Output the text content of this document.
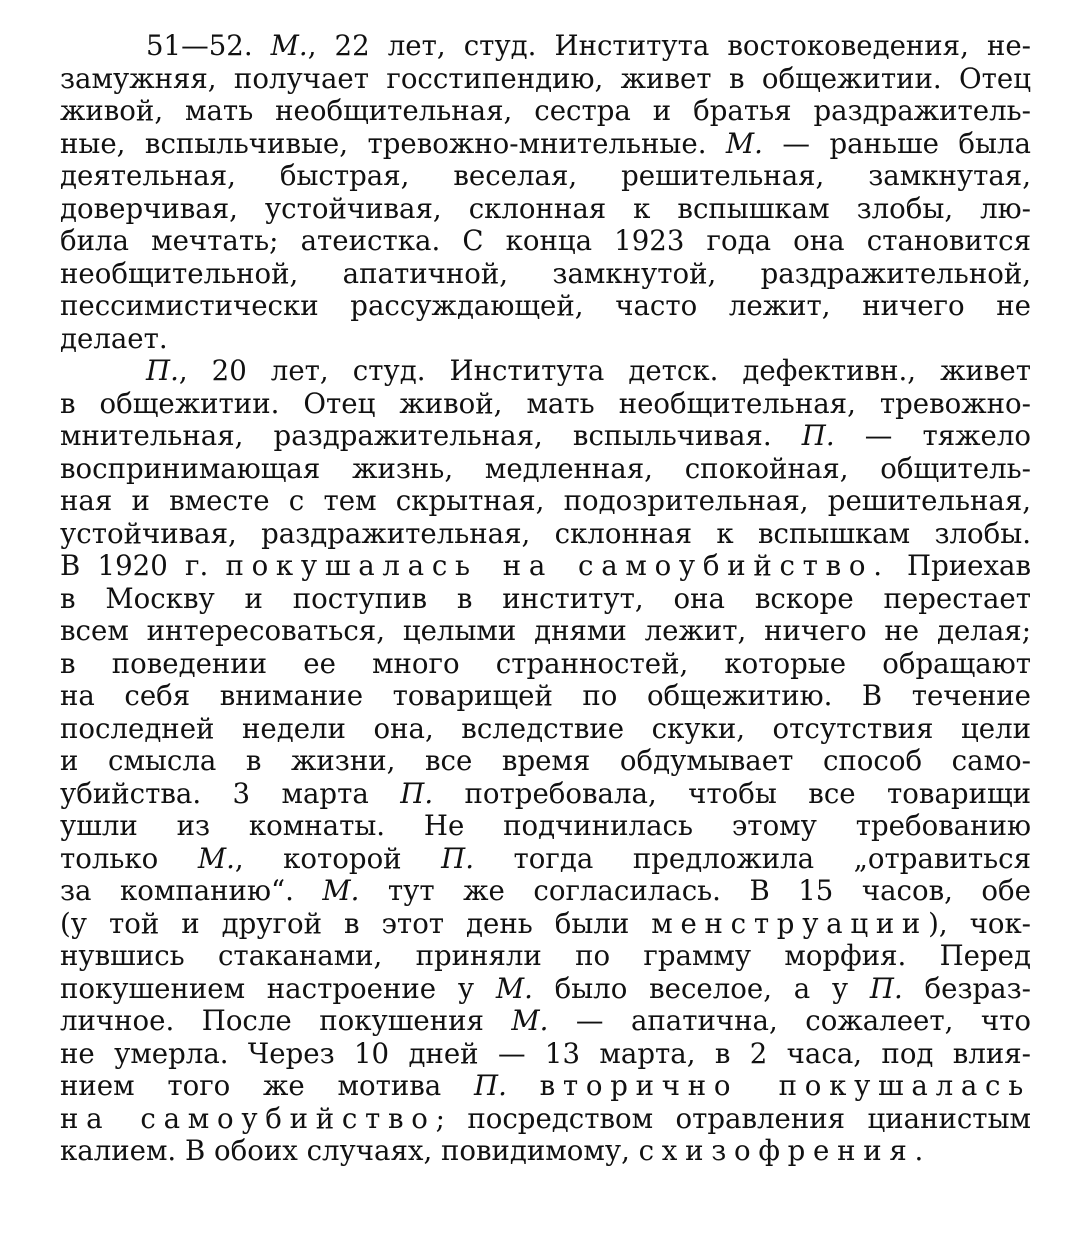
51—52. М., 22 лет, студ. Института востоковедения, не-
замужняя, получает госстипендию, живет в общежитии. Отец
живой, мать необщительная, сестра и братья раздражитель-
ные, вспыльчивые, тревожно-мнительные. М. — раньше была
деятельная, быстрая, веселая, решительная, замкнутая,
доверчивая, устойчивая, склонная к вспышкам злобы, лю-
била мечтать; атеистка. С конца 1923 года она становится
необщительной, апатичной, замкнутой, раздражительной,
пессимистически рассуждающей, часто лежит, ничего не
делает.

П., 20 лет, студ. Института детск. дефективн., живет
в общежитии. Отец живой, мать необщительная, тревожно-
мнительная, раздражительная, вспыльчивая. П. — тяжело
воспринимающая жизнь, медленная, спокойная, общитель-
ная и вместе с тем скрытная, подозрительная, решительная,
устойчивая, раздражительная, склонная к вспышкам злобы.
В 1920 г. покушалась на самоубийство. Приехав
в Москву и поступив в институт, она вскоре перестает
всем интересоваться, целыми днями лежит, ничего не делая;
в поведении ее много странностей, которые обращают
на себя внимание товарищей по общежитию. В течение
последней недели она, вследствие скуки, отсутствия цели
и смысла в жизни, все время обдумывает способ само-
убийства. 3 марта П. потребовала, чтобы все товарищи
ушли из комнаты. Не подчинилась этому требованию
только М., которой П. тогда предложила „отравиться
за компанию“. М. тут же согласилась. В 15 часов, обе
(у той и другой в этот день были менструации), чок-
нувшись стаканами, приняли по грамму морфия. Перед
покушением настроение у М. было веселое, а у П. безраз-
личное. После покушения М. — апатична, сожалеет, что
не умерла. Через 10 дней — 13 марта, в 2 часа, под влия-
нием того же мотива П. вторично покушалась
на самоубийство; посредством отравления цианистым
калием. В обоих случаях, повидимому, схизофрения.
